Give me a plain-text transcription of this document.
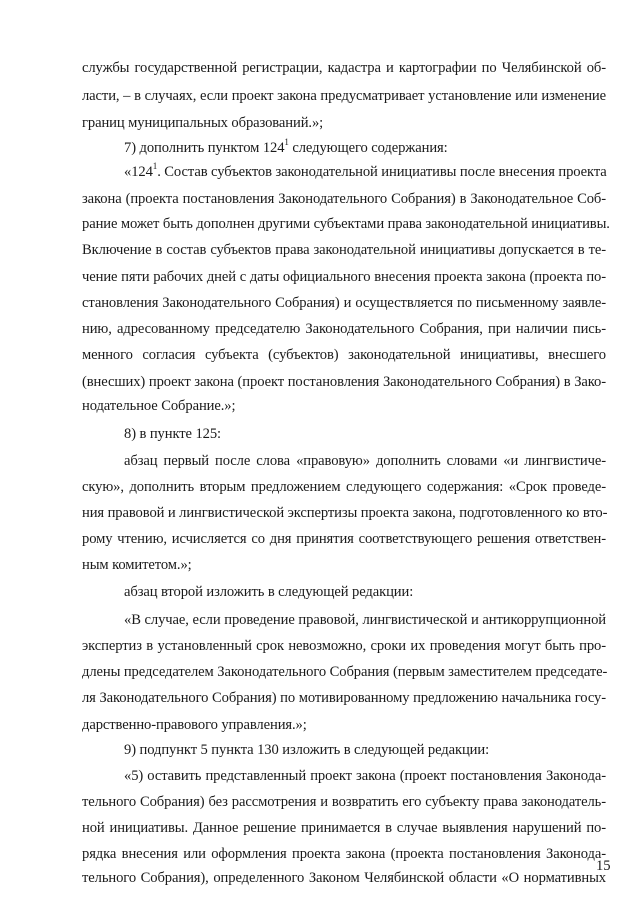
службы государственной регистрации, кадастра и картографии по Челябинской об-
ласти, – в случаях, если проект закона предусматривает установление или изменение
границ муниципальных образований.»;
7) дополнить пунктом $124^1$ следующего содержания:
«$124^1$. Состав субъектов законодательной инициативы после внесения проекта
закона (проекта постановления Законодательного Собрания) в Законодательное Соб-
рание может быть дополнен другими субъектами права законодательной инициативы.
Включение в состав субъектов права законодательной инициативы допускается в те-
чение пяти рабочих дней с даты официального внесения проекта закона (проекта по-
становления Законодательного Собрания) и осуществляется по письменному заявле-
нию, адресованному председателю Законодательного Собрания, при наличии пись-
менного согласия субъекта (субъектов) законодательной инициативы, внесшего
(внесших) проект закона (проект постановления Законодательного Собрания) в Зако-
нодательное Собрание.»;
8) в пункте 125:
абзац первый после слова «правовую» дополнить словами «и лингвистиче-
скую», дополнить вторым предложением следующего содержания: «Срок проведе-
ния правовой и лингвистической экспертизы проекта закона, подготовленного ко вто-
рому чтению, исчисляется со дня принятия соответствующего решения ответствен-
ным комитетом.»;
абзац второй изложить в следующей редакции:
«В случае, если проведение правовой, лингвистической и антикоррупционной
экспертиз в установленный срок невозможно, сроки их проведения могут быть про-
длены председателем Законодательного Собрания (первым заместителем председате-
ля Законодательного Собрания) по мотивированному предложению начальника госу-
дарственно-правового управления.»;
9) подпункт 5 пункта 130 изложить в следующей редакции:
«5) оставить представленный проект закона (проект постановления Законода-
тельного Собрания) без рассмотрения и возвратить его субъекту права законодатель-
ной инициативы. Данное решение принимается в случае выявления нарушений по-
рядка внесения или оформления проекта закона (проекта постановления Законода-
тельного Собрания), определенного Законом Челябинской области «О нормативных
15
